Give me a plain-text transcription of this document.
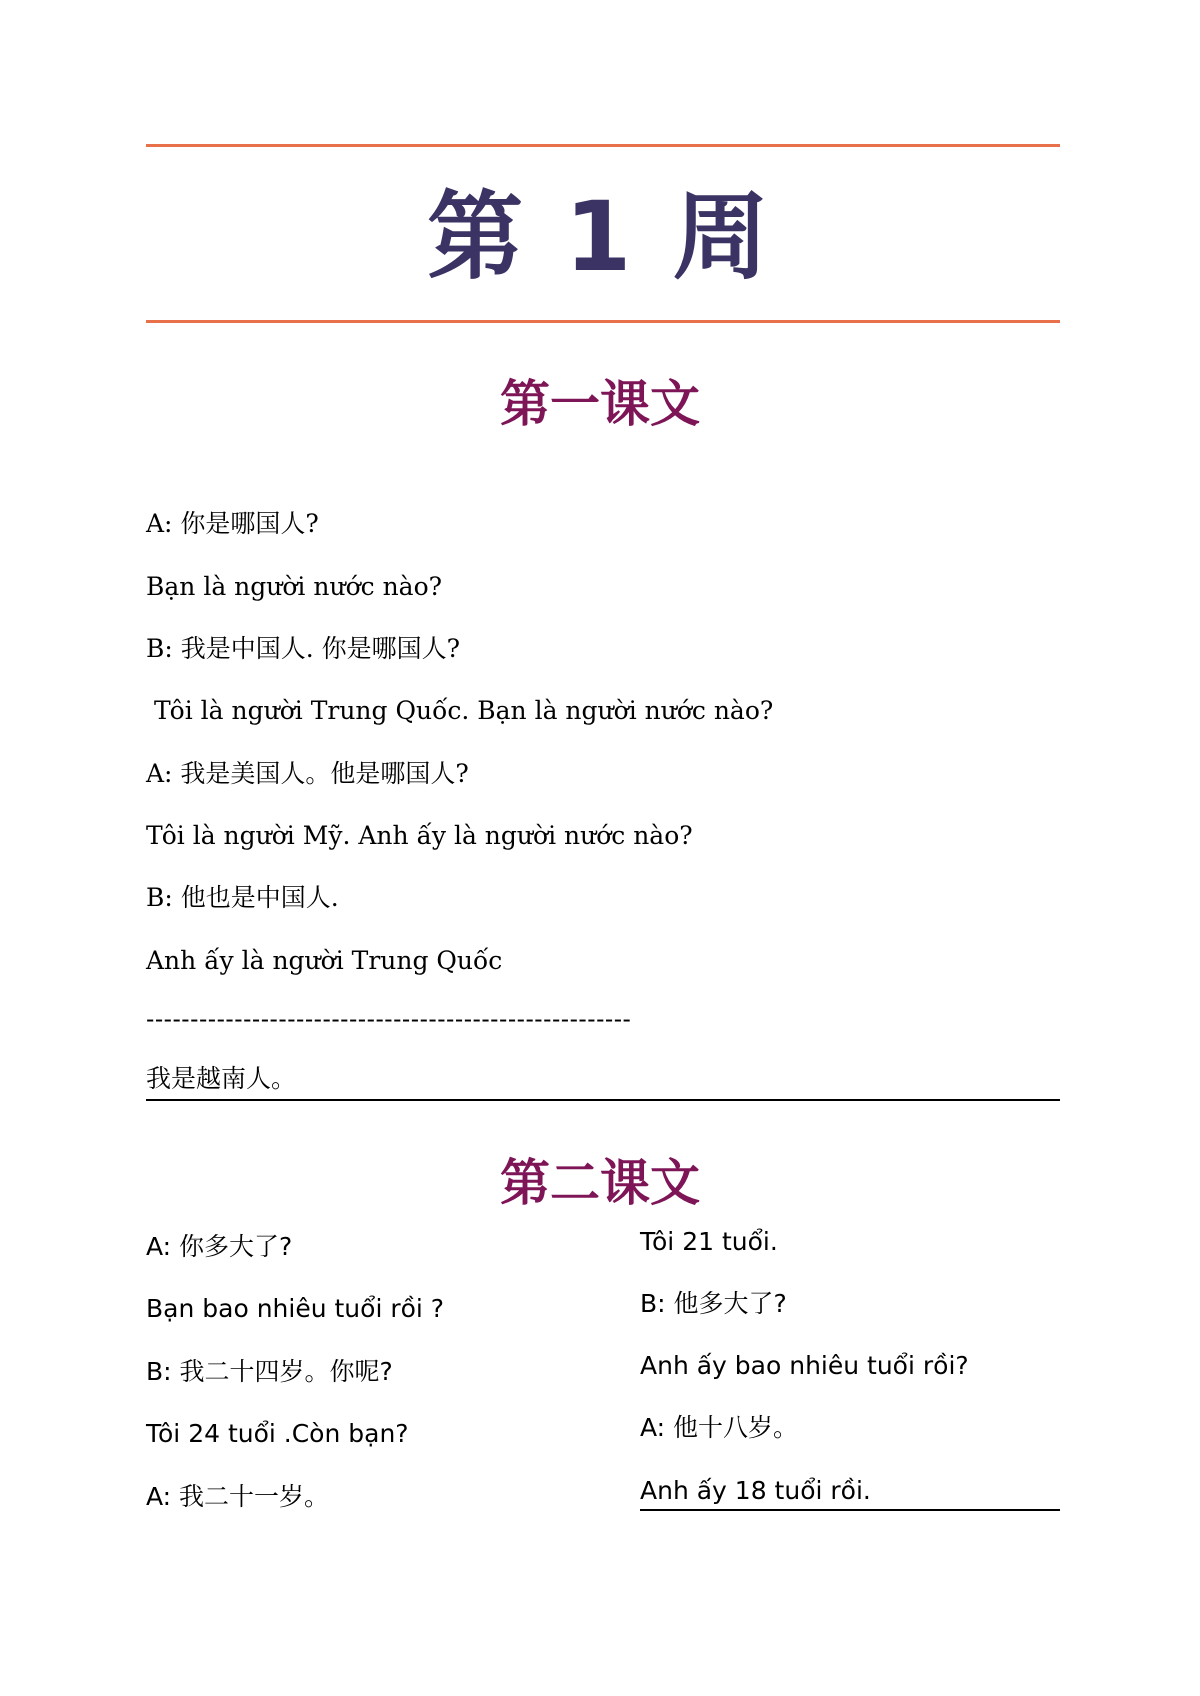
第 1 周
第一课文
A: 你是哪国人?
Bạn là người nước nào?
B: 我是中国人. 你是哪国人?
Tôi là người Trung Quốc. Bạn là người nước nào?
A: 我是美国人。他是哪国人?
Tôi là người Mỹ. Anh ấy là người nước nào?
B: 他也是中国人.
Anh ấy là người Trung Quốc
-------------------------------------------------------
我是越南人。
第二课文
A: 你多大了?
Bạn bao nhiêu tuổi rồi ?
B: 我二十四岁。你呢?
Tôi 24 tuổi .Còn bạn?
A: 我二十一岁。
Tôi 21 tuổi.
B: 他多大了?
Anh ấy bao nhiêu tuổi rồi?
A: 他十八岁。
Anh ấy 18 tuổi rồi.
